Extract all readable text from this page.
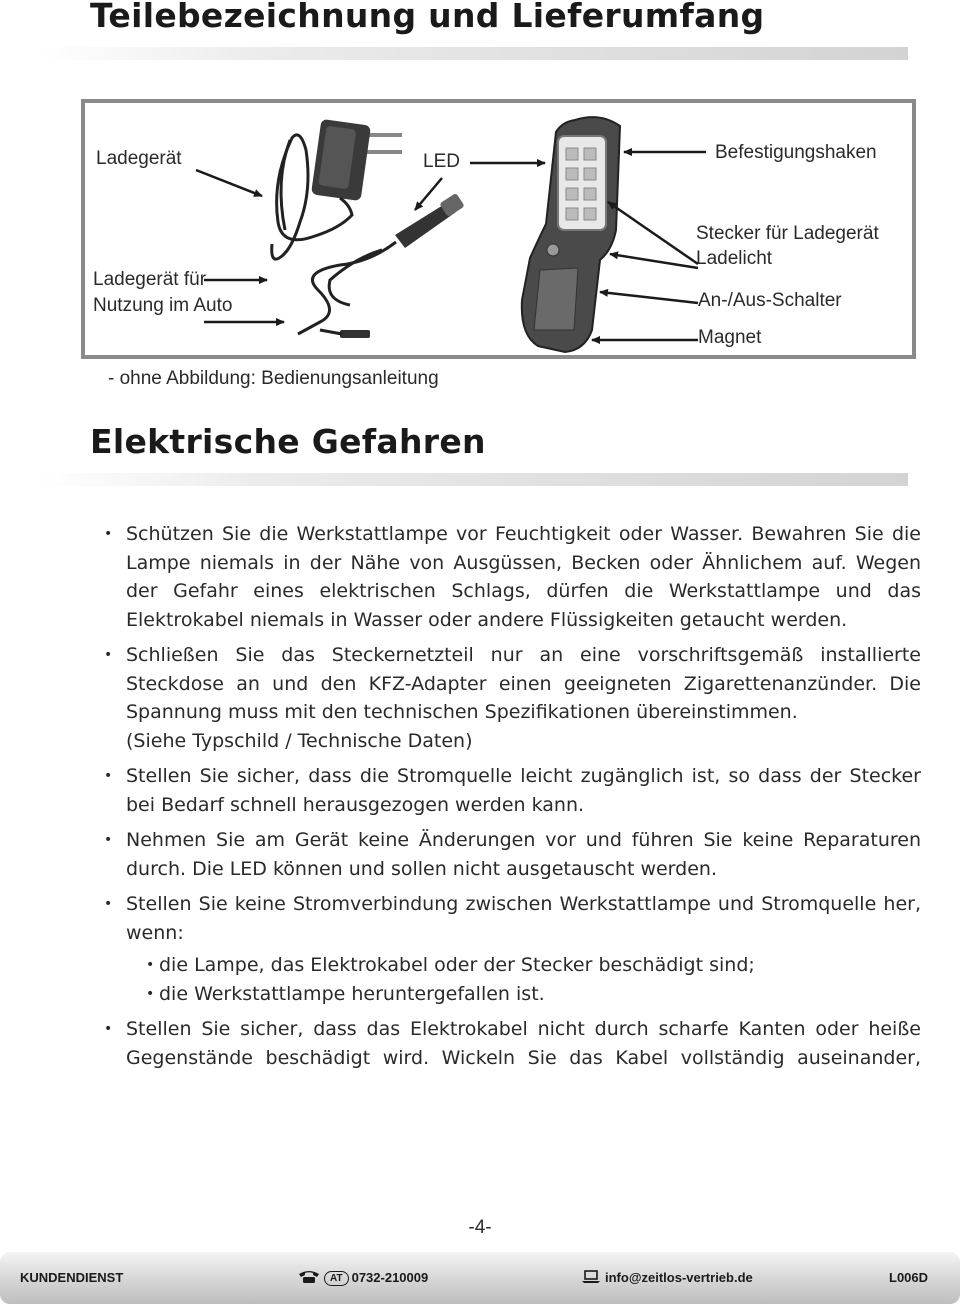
Teilebezeichnung und Lieferumfang
Ladegerät	LED	Befestigungshaken
Ladegerät für
Nutzung im Auto
Stecker für Ladegerät
Ladelicht
An-/Aus-Schalter
Magnet
- ohne Abbildung: Bedienungsanleitung
Elektrische Gefahren
• Schützen Sie die Werkstattlampe vor Feuchtigkeit oder Wasser. Bewahren Sie die Lampe niemals in der Nähe von Ausgüssen, Becken oder Ähnlichem auf. Wegen der Gefahr eines elektrischen Schlags, dürfen die Werkstattlampe und das Elektrokabel niemals in Wasser oder andere Flüssigkeiten getaucht werden.
• Schließen Sie das Steckernetzteil nur an eine vorschriftsgemäß installierte Steckdose an und den KFZ-Adapter einen geeigneten Zigarettenanzünder. Die Spannung muss mit den technischen Spezifikationen übereinstimmen.
(Siehe Typschild / Technische Daten)
• Stellen Sie sicher, dass die Stromquelle leicht zugänglich ist, so dass der Stecker bei Bedarf schnell herausgezogen werden kann.
• Nehmen Sie am Gerät keine Änderungen vor und führen Sie keine Reparaturen durch. Die LED können und sollen nicht ausgetauscht werden.
• Stellen Sie keine Stromverbindung zwischen Werkstattlampe und Stromquelle her, wenn:
• die Lampe, das Elektrokabel oder der Stecker beschädigt sind;
• die Werkstattlampe heruntergefallen ist.
• Stellen Sie sicher, dass das Elektrokabel nicht durch scharfe Kanten oder heiße Gegenstände beschädigt wird. Wickeln Sie das Kabel vollständig auseinander,
-4-
KUNDENDIENST	AT 0732-210009	info@zeitlos-vertrieb.de	L006D
